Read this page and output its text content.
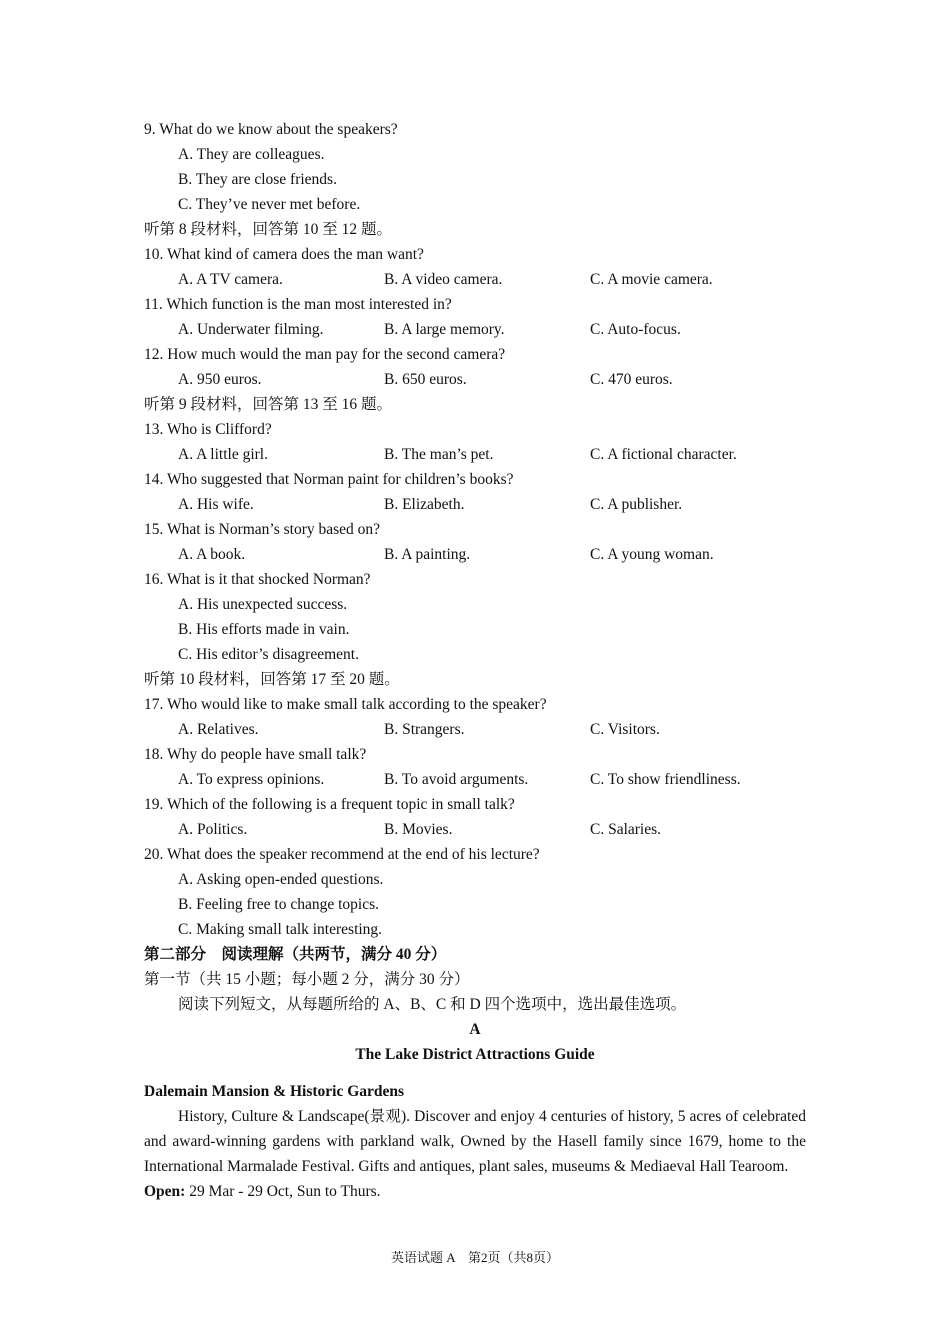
9. What do we know about the speakers?
A. They are colleagues.
B. They are close friends.
C. They’ve never met before.
听第 8 段材料，回答第 10 至 12 题。
10. What kind of camera does the man want?
A. A TV camera.	B. A video camera.	C. A movie camera.
11. Which function is the man most interested in?
A. Underwater filming.	B. A large memory.	C. Auto-focus.
12. How much would the man pay for the second camera?
A. 950 euros.	B. 650 euros.	C. 470 euros.
听第 9 段材料，回答第 13 至 16 题。
13. Who is Clifford?
A. A little girl.	B. The man’s pet.	C. A fictional character.
14. Who suggested that Norman paint for children’s books?
A. His wife.	B. Elizabeth.	C. A publisher.
15. What is Norman’s story based on?
A. A book.	B. A painting.	C. A young woman.
16. What is it that shocked Norman?
A. His unexpected success.
B. His efforts made in vain.
C. His editor’s disagreement.
听第 10 段材料，回答第 17 至 20 题。
17. Who would like to make small talk according to the speaker?
A. Relatives.	B. Strangers.	C. Visitors.
18. Why do people have small talk?
A. To express opinions.	B. To avoid arguments.	C. To show friendliness.
19. Which of the following is a frequent topic in small talk?
A. Politics.	B. Movies.	C. Salaries.
20. What does the speaker recommend at the end of his lecture?
A. Asking open-ended questions.
B. Feeling free to change topics.
C. Making small talk interesting.
第二部分　阅读理解（共两节，满分 40 分）
第一节（共 15 小题；每小题 2 分，满分 30 分）
阅读下列短文，从每题所给的 A、B、C 和 D 四个选项中，选出最佳选项。
A
The Lake District Attractions Guide
Dalemain Mansion & Historic Gardens
History, Culture & Landscape(景观). Discover and enjoy 4 centuries of history, 5 acres of celebrated and award-winning gardens with parkland walk, Owned by the Hasell family since 1679, home to the International Marmalade Festival. Gifts and antiques, plant sales, museums & Mediaeval Hall Tearoom.
Open: 29 Mar - 29 Oct, Sun to Thurs.
英语试题 A　第2页（共8页）
